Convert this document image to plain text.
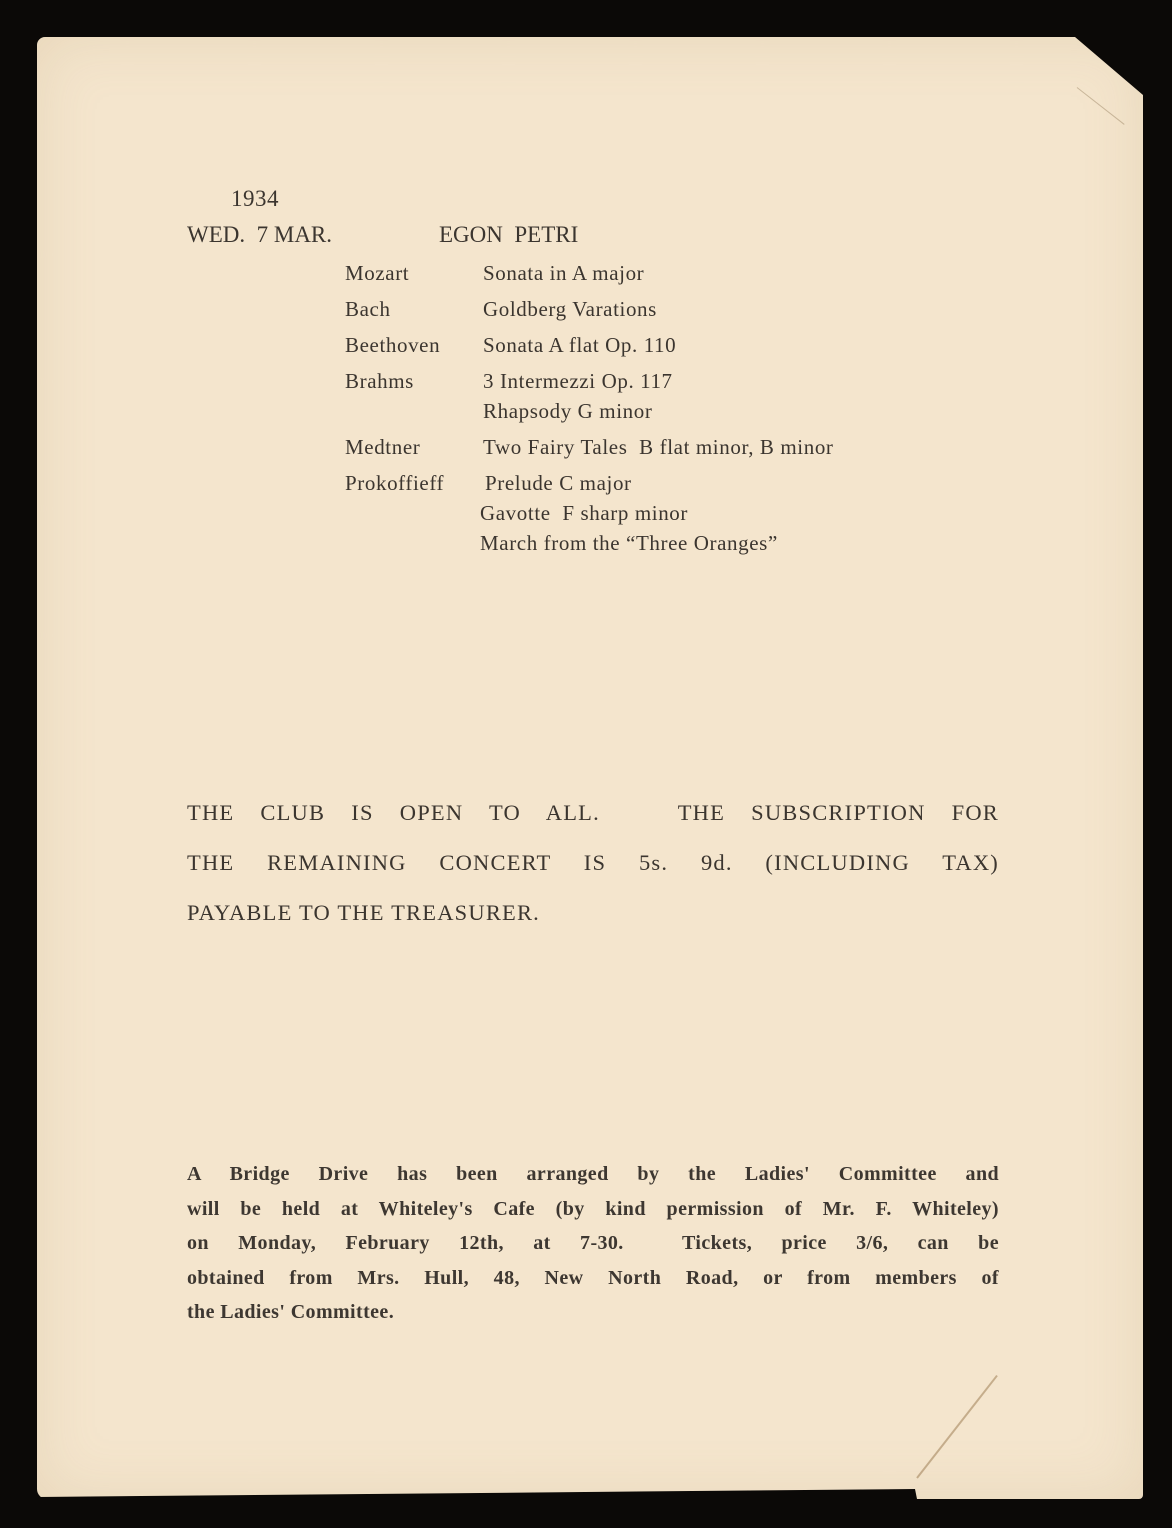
1934
WED.  7 MAR.	EGON  PETRI
Mozart	Sonata in A major
Bach	Goldberg Varations
Beethoven	Sonata A flat Op. 110
Brahms	3 Intermezzi Op. 117
Rhapsody G minor
Medtner	Two Fairy Tales  B flat minor, B minor
Prokoffieff	Prelude C major
Gavotte  F sharp minor
March from the “Three Oranges”
THE CLUB IS OPEN TO ALL.   THE SUBSCRIPTION FOR
THE REMAINING CONCERT IS 5s. 9d. (INCLUDING TAX)
PAYABLE TO THE TREASURER.
A Bridge Drive has been arranged by the Ladies' Committee and
will be held at Whiteley's Cafe (by kind permission of Mr. F. Whiteley)
on Monday, February 12th, at 7-30.  Tickets, price 3/6, can be
obtained from Mrs. Hull, 48, New North Road, or from members of
the Ladies' Committee.
